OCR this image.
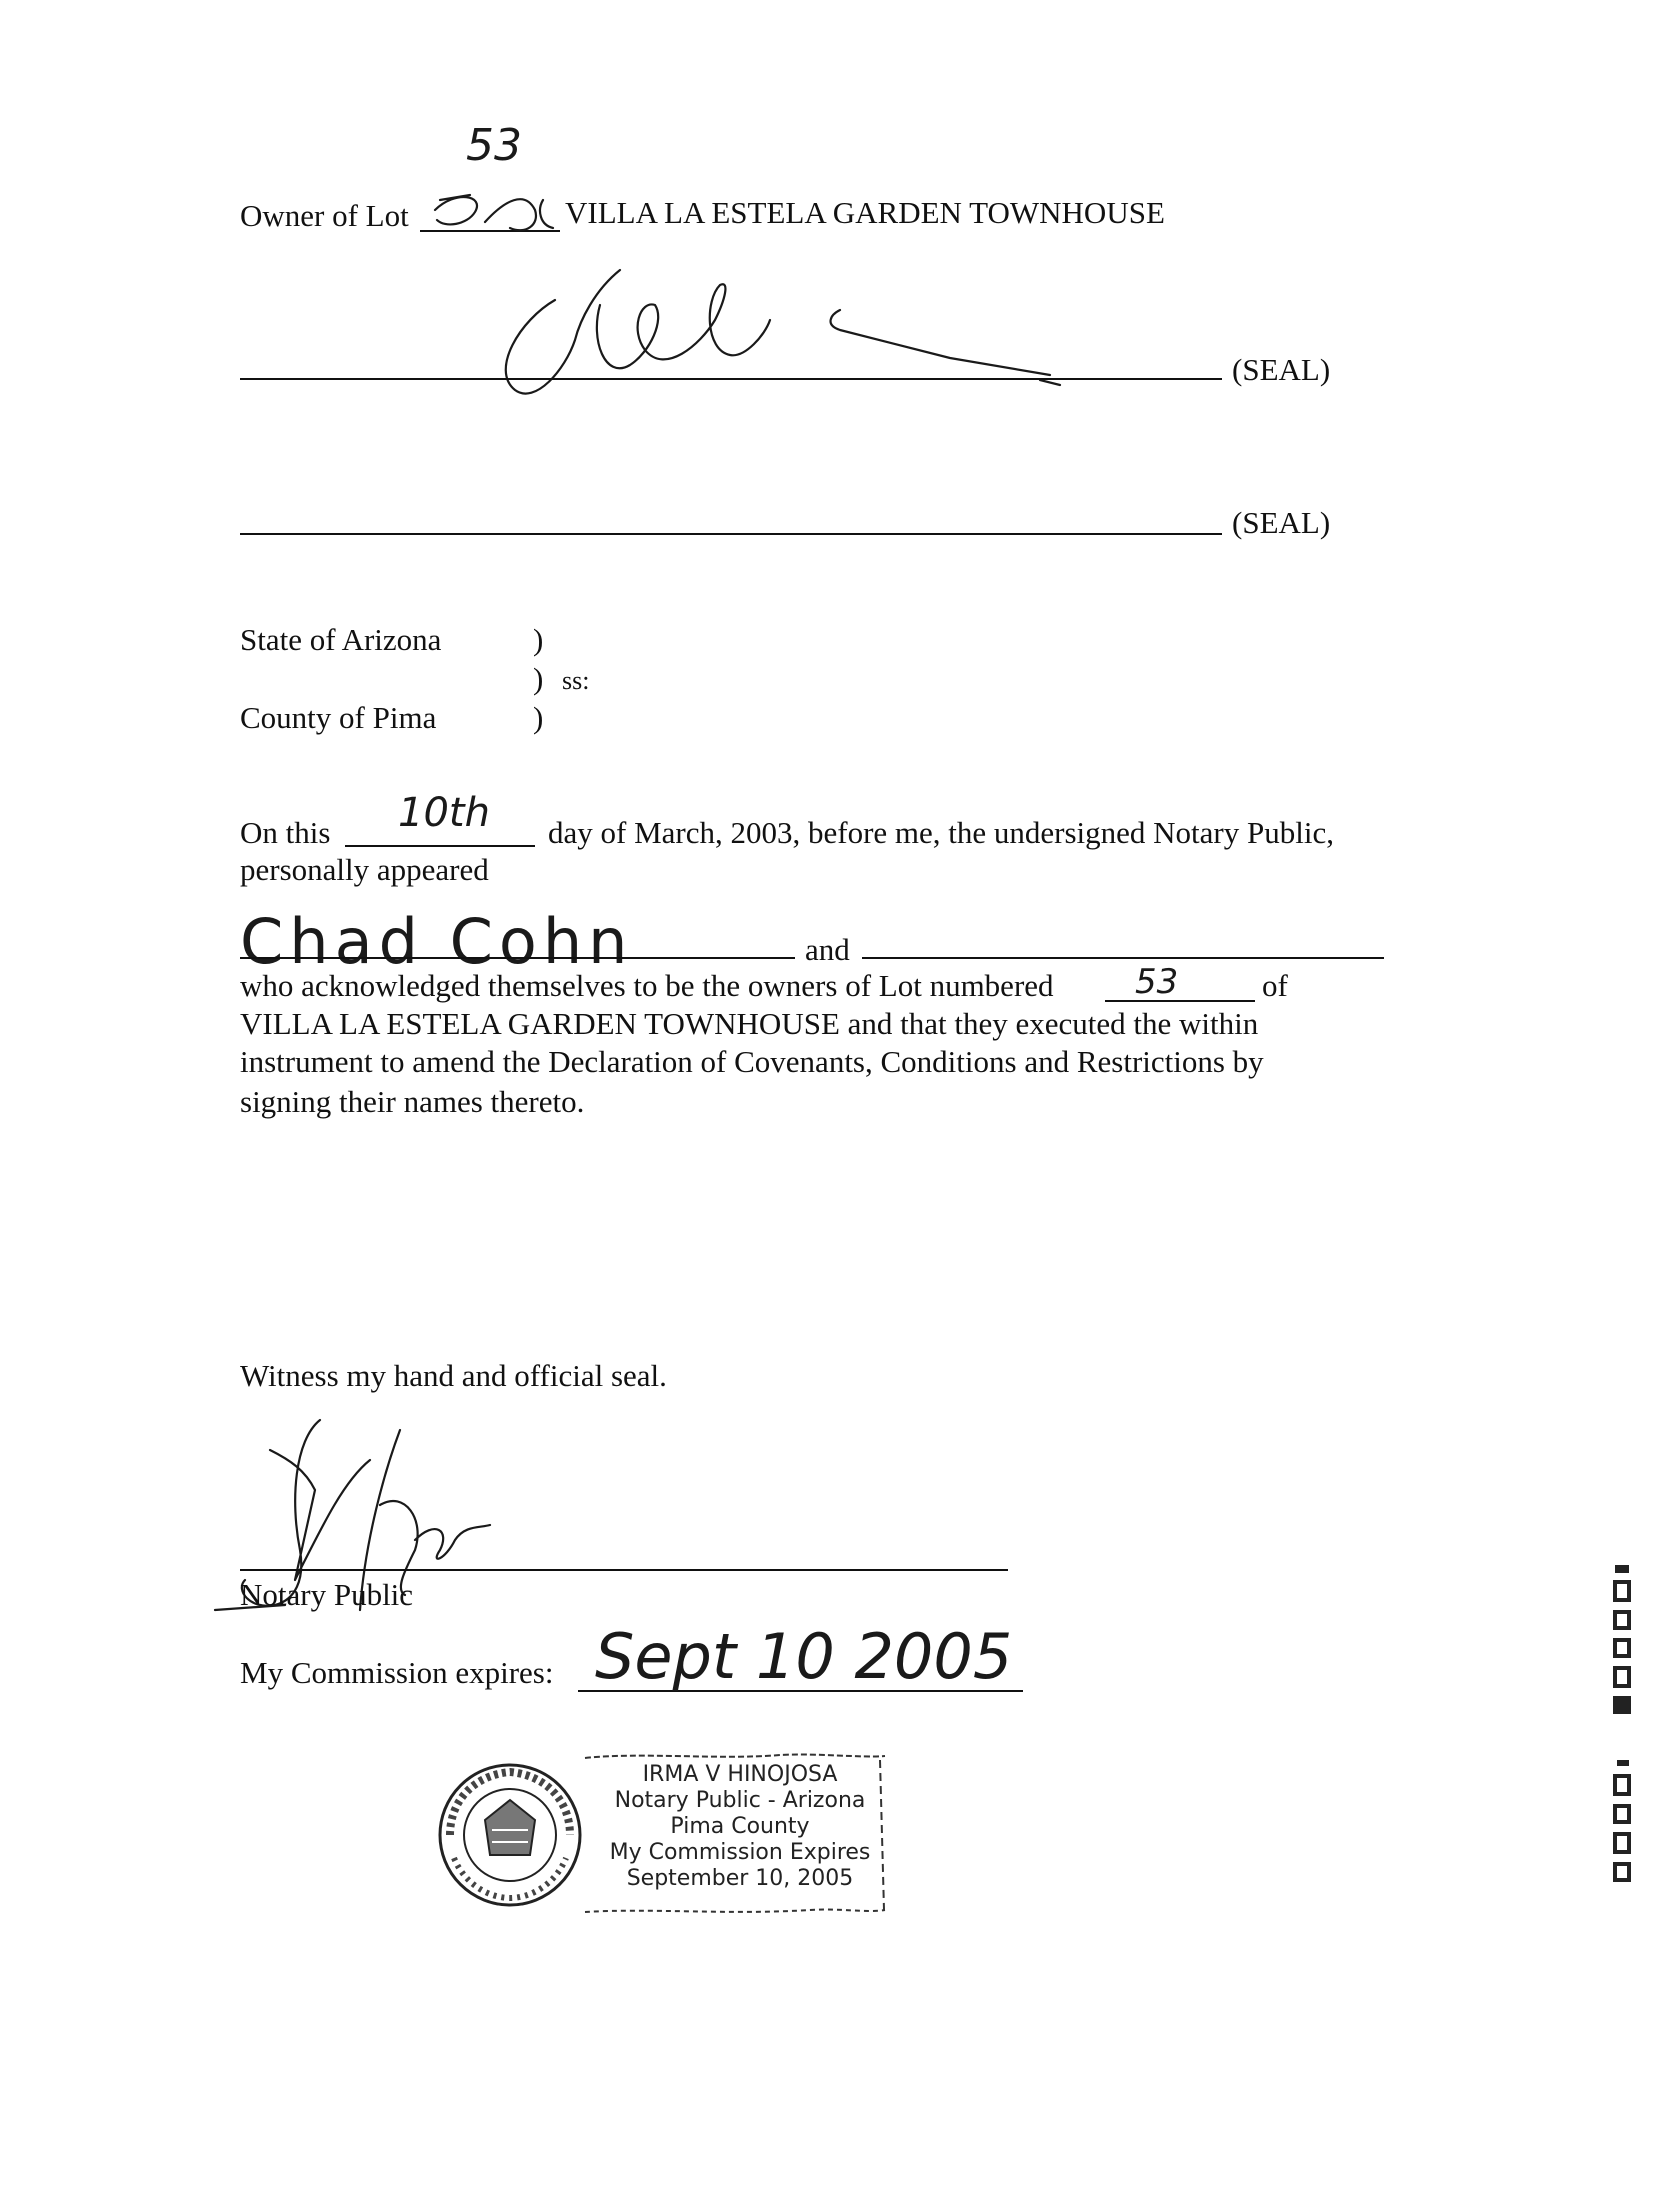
Owner of Lot
53
VILLA LA ESTELA GARDEN TOWNHOUSE
(SEAL)
(SEAL)
State of Arizona	)
) ss:
County of Pima	)
On this 10th day of March, 2003, before me, the undersigned Notary Public,
personally appeared
Chad Cohn	and
who acknowledged themselves to be the owners of Lot numbered 53	of
VILLA LA ESTELA GARDEN TOWNHOUSE and that they executed the within
instrument to amend the Declaration of Covenants, Conditions and Restrictions by
signing their names thereto.
Witness my hand and official seal.
Notary Public
My Commission expires: Sept 10 2005
IRMA V HINOJOSA
Notary Public - Arizona
Pima County
My Commission Expires
September 10, 2005
